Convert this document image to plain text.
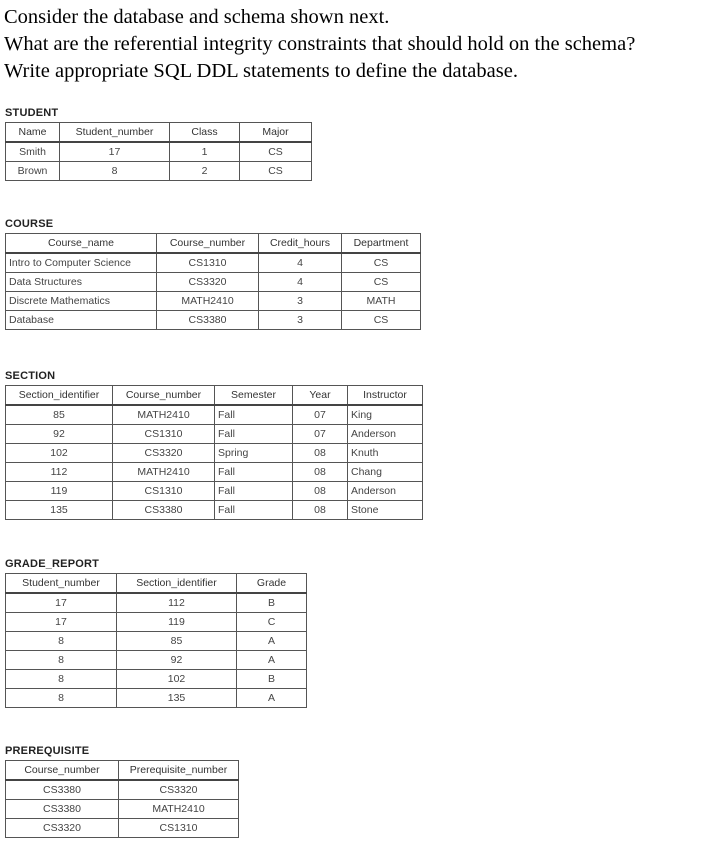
Consider the database and schema shown next.
What are the referential integrity constraints that should hold on the schema?
Write appropriate SQL DDL statements to define the database.
STUDENT
Name	Student_number	Class	Major
Smith	17	1	CS
Brown	8	2	CS
COURSE
Course_name	Course_number	Credit_hours	Department
Intro to Computer Science	CS1310	4	CS
Data Structures	CS3320	4	CS
Discrete Mathematics	MATH2410	3	MATH
Database	CS3380	3	CS
SECTION
Section_identifier	Course_number	Semester	Year	Instructor
85	MATH2410	Fall	07	King
92	CS1310	Fall	07	Anderson
102	CS3320	Spring	08	Knuth
112	MATH2410	Fall	08	Chang
119	CS1310	Fall	08	Anderson
135	CS3380	Fall	08	Stone
GRADE_REPORT
Student_number	Section_identifier	Grade
17	112	B
17	119	C
8	85	A
8	92	A
8	102	B
8	135	A
PREREQUISITE
Course_number	Prerequisite_number
CS3380	CS3320
CS3380	MATH2410
CS3320	CS1310
